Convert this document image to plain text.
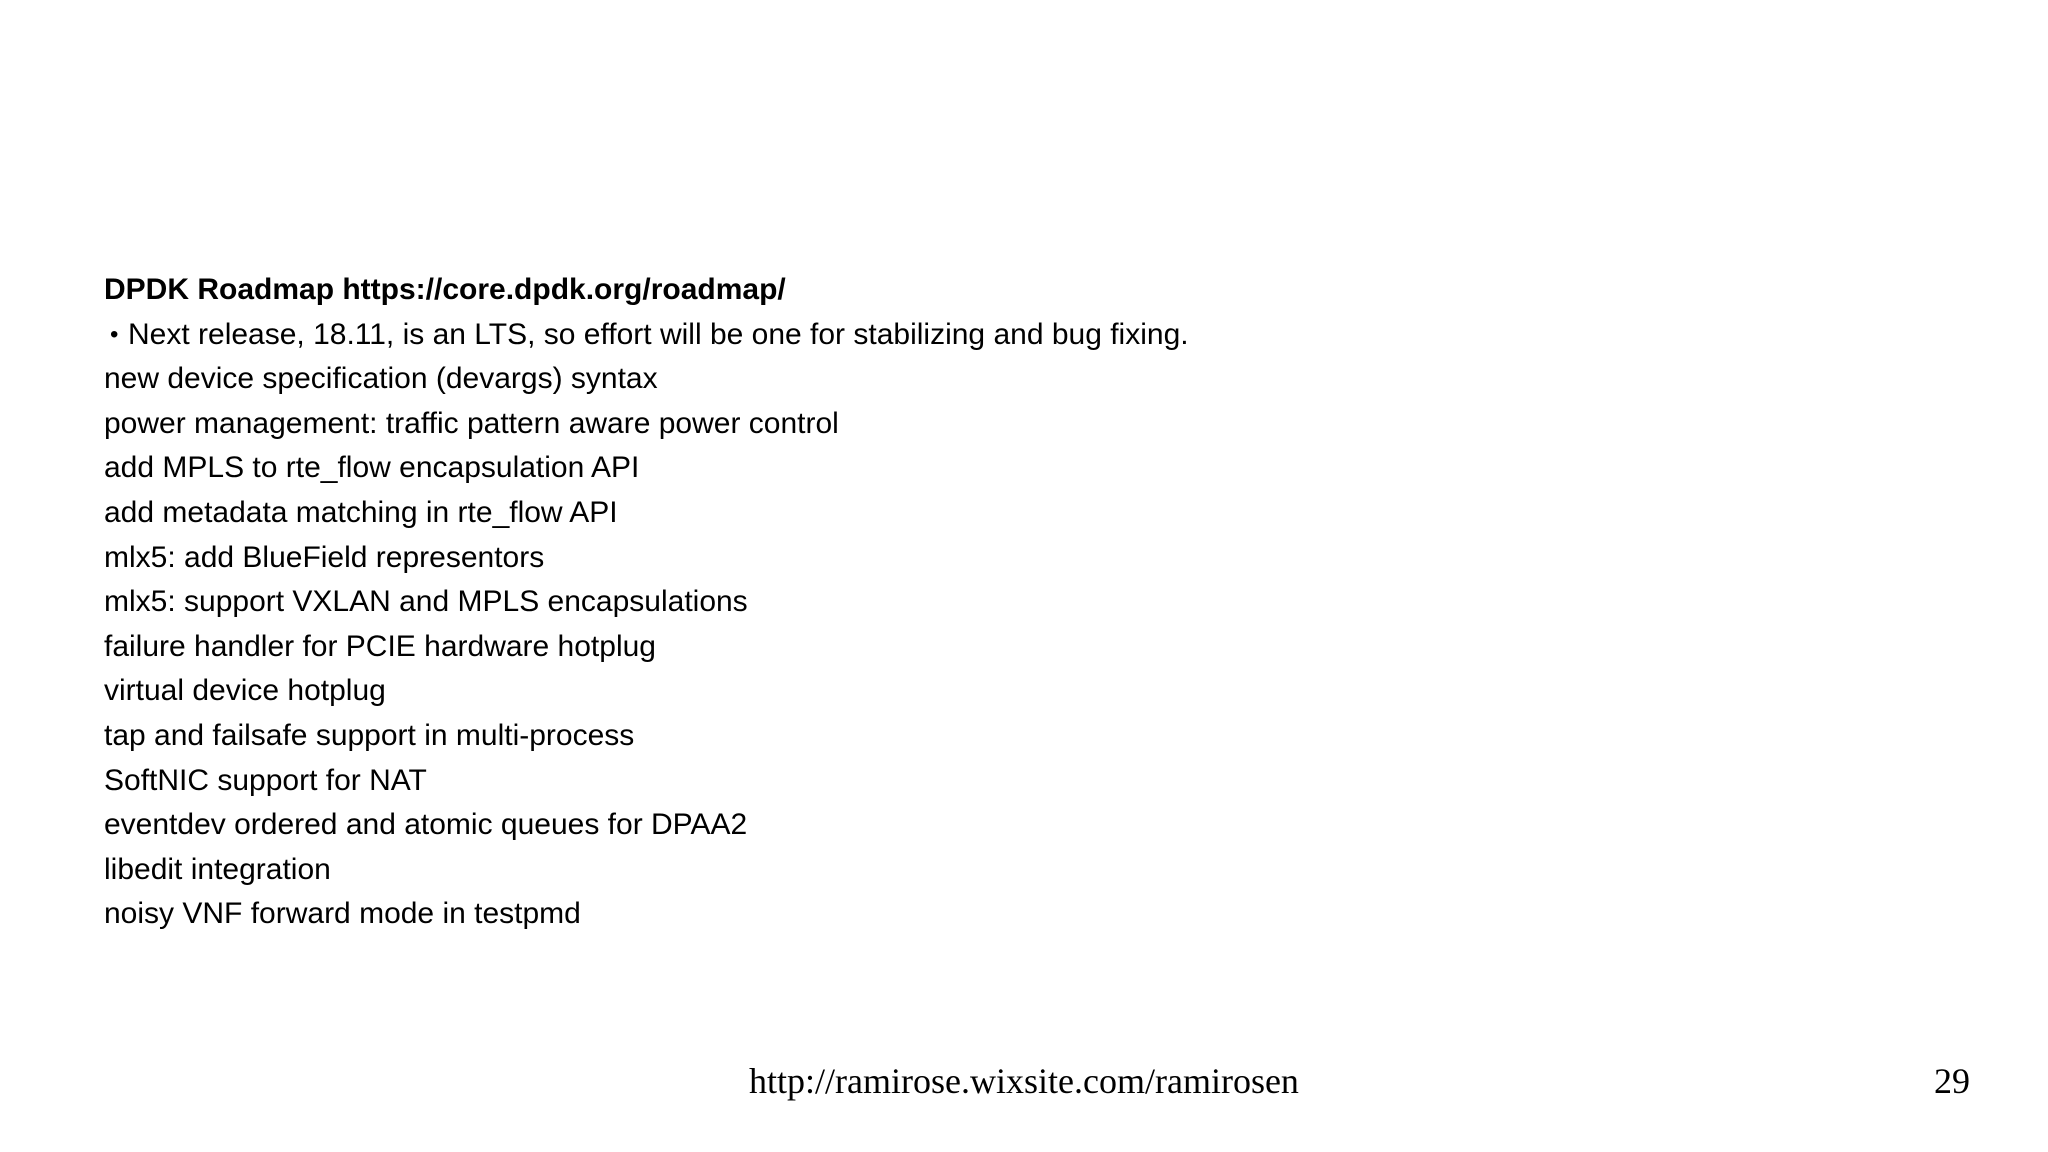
DPDK Roadmap https://core.dpdk.org/roadmap/
• Next release, 18.11, is an LTS, so effort will be one for stabilizing and bug fixing.
new device specification (devargs) syntax
power management: traffic pattern aware power control
add MPLS to rte_flow encapsulation API
add metadata matching in rte_flow API
mlx5: add BlueField representors
mlx5: support VXLAN and MPLS encapsulations
failure handler for PCIE hardware hotplug
virtual device hotplug
tap and failsafe support in multi-process
SoftNIC support for NAT
eventdev ordered and atomic queues for DPAA2
libedit integration
noisy VNF forward mode in testpmd
http://ramirose.wixsite.com/ramirosen	29
